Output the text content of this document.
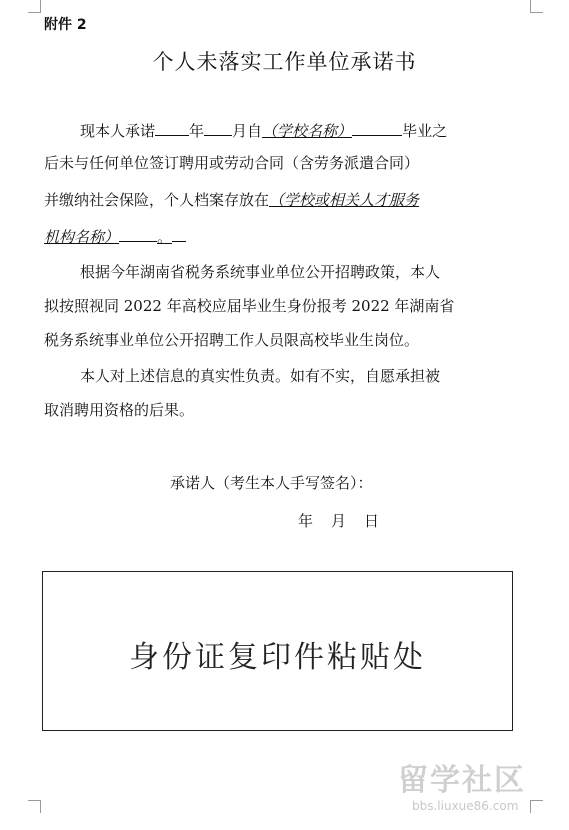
附件 2
个人未落实工作单位承诺书
现本人承诺 年 月自（学校名称）	毕业之
后未与任何单位签订聘用或劳动合同（含劳务派遣合同）
并缴纳社会保险，个人档案存放在（学校或相关人才服务
机构名称）	。
根据今年湖南省税务系统事业单位公开招聘政策，本人
拟按照视同 2022 年高校应届毕业生身份报考 2022 年湖南省
税务系统事业单位公开招聘工作人员限高校毕业生岗位。
本人对上述信息的真实性负责。如有不实，自愿承担被
取消聘用资格的后果。
承诺人（考生本人手写签名）：
年 月 日
身份证复印件粘贴处
留学社区
bbs.liuxue86.com
